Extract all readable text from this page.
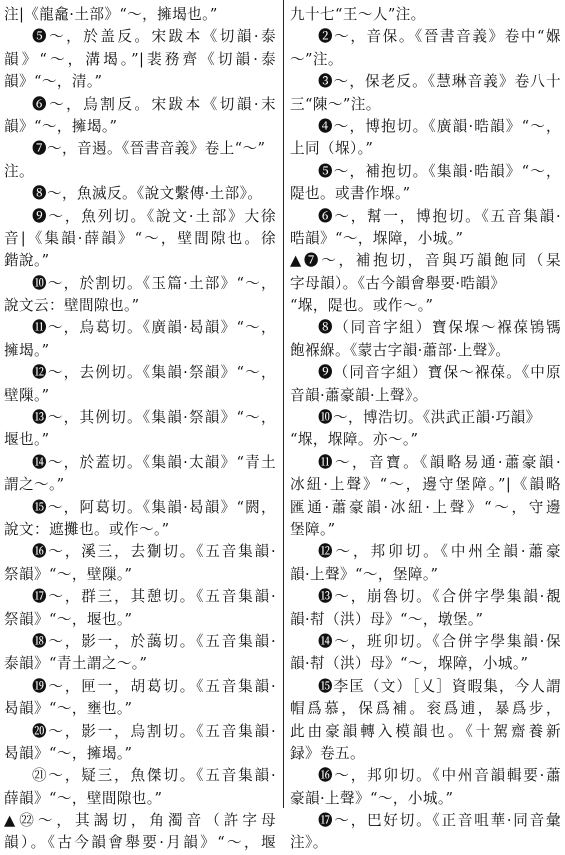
注|《龍龕·土部》“～，擁堨也。”
❺～，於盖反。宋跋本《切韻·泰
韻》“～，溝堨。”|裴務齊《切韻·泰
韻》“～，清。”
❻～，烏割反。宋跋本《切韻·末
韻》“～，擁堨。”
❼～，音遏。《晉書音義》卷上“～”
注。
❽～，魚滅反。《說文繫傳·土部》。
❾～，魚列切。《說文·土部》大徐
音|《集韻·薛韻》“～，壁間隙也。徐
鍇說。”
❿～，於割切。《玉篇·土部》“～，
說文云：壁間隙也。”
⓫～，烏葛切。《廣韻·曷韻》“～，
擁堨。”
⓬～，去例切。《集韻·祭韻》“～，
壁隟。”
⓭～，其例切。《集韻·祭韻》“～，
堰也。”
⓮～，於蓋切。《集韻·太韻》“青土
謂之～。”
⓯～，阿葛切。《集韻·曷韻》“閼，
說文：遮攤也。或作～。”
⓰～，溪三，去猘切。《五音集韻·
祭韻》“～，壁隟。”
⓱～，群三，其憩切。《五音集韻·
祭韻》“～，堰也。”
⓲～，影一，於藹切。《五音集韻·
泰韻》“青土謂之～。”
⓳～，匣一，胡葛切。《五音集韻·
曷韻》“～，壅也。”
⓴～，影一，烏割切。《五音集韻·
曷韻》“～，擁堨。”
㉑～，疑三，魚傑切。《五音集韻·
薛韻》“～，壁間隙也。”
▲㉒～，其謁切，角濁音（許字母
韻）。《古今韻會舉要·月韻》“～，堰
九十七“王～人”注。
❷～，音保。《晉書音義》卷中“媬
～”注。
❸～，保老反。《慧琳音義》卷八十
三“陳～”注。
❹～，博抱切。《廣韻·晧韻》“～，
上同（堢）。”
❺～，補抱切。《集韻·晧韻》“～，
隄也。或書作堢。”
❻～，幫一，博抱切。《五音集韻·
晧韻》“～，堢障，小城。”
▲❼～，補抱切，音與巧韻飽同（杲
字母韻）。《古今韻會舉要·晧韻》
“堢，隄也。或作～。”
❽（同音字組）寶保堢～褓葆鴇駂
飽褓緥。《蒙古字韻·蕭部·上聲》。
❾（同音字組）寶保～褓葆。《中原
音韻·蕭豪韻·上聲》。
❿～，博浩切。《洪武正韻·巧韻》
“堢，堢障。亦～。”
⓫～，音寶。《韻略易通·蕭豪韻·
冰紐·上聲》“～，邊守堡障。”|《韻略
匯通·蕭豪韻·冰紐·上聲》“～，守邊
堡障。”
⓬～，邦卯切。《中州全韻·蕭豪
韻·上聲》“～，堡障。”
⓭～，崩魯切。《合併字學集韻·覩
韻·幇（洪）母》“～，墩堡。”
⓮～，班卯切。《合併字學集韻·保
韻·幇（洪）母》“～，堢障，小城。”
⓯李匡（文）［乂］資暇集，今人謂
帽爲慕，保爲補。衮爲逋，暴爲步，
此由豪韻轉入模韻也。《十駕齋養新
録》卷五。
⓰～，邦卯切。《中州音韻輯要·蕭
豪韻·上聲》“～，小城。”
⓱～，巴好切。《正音咀華·同音彙
注》。
